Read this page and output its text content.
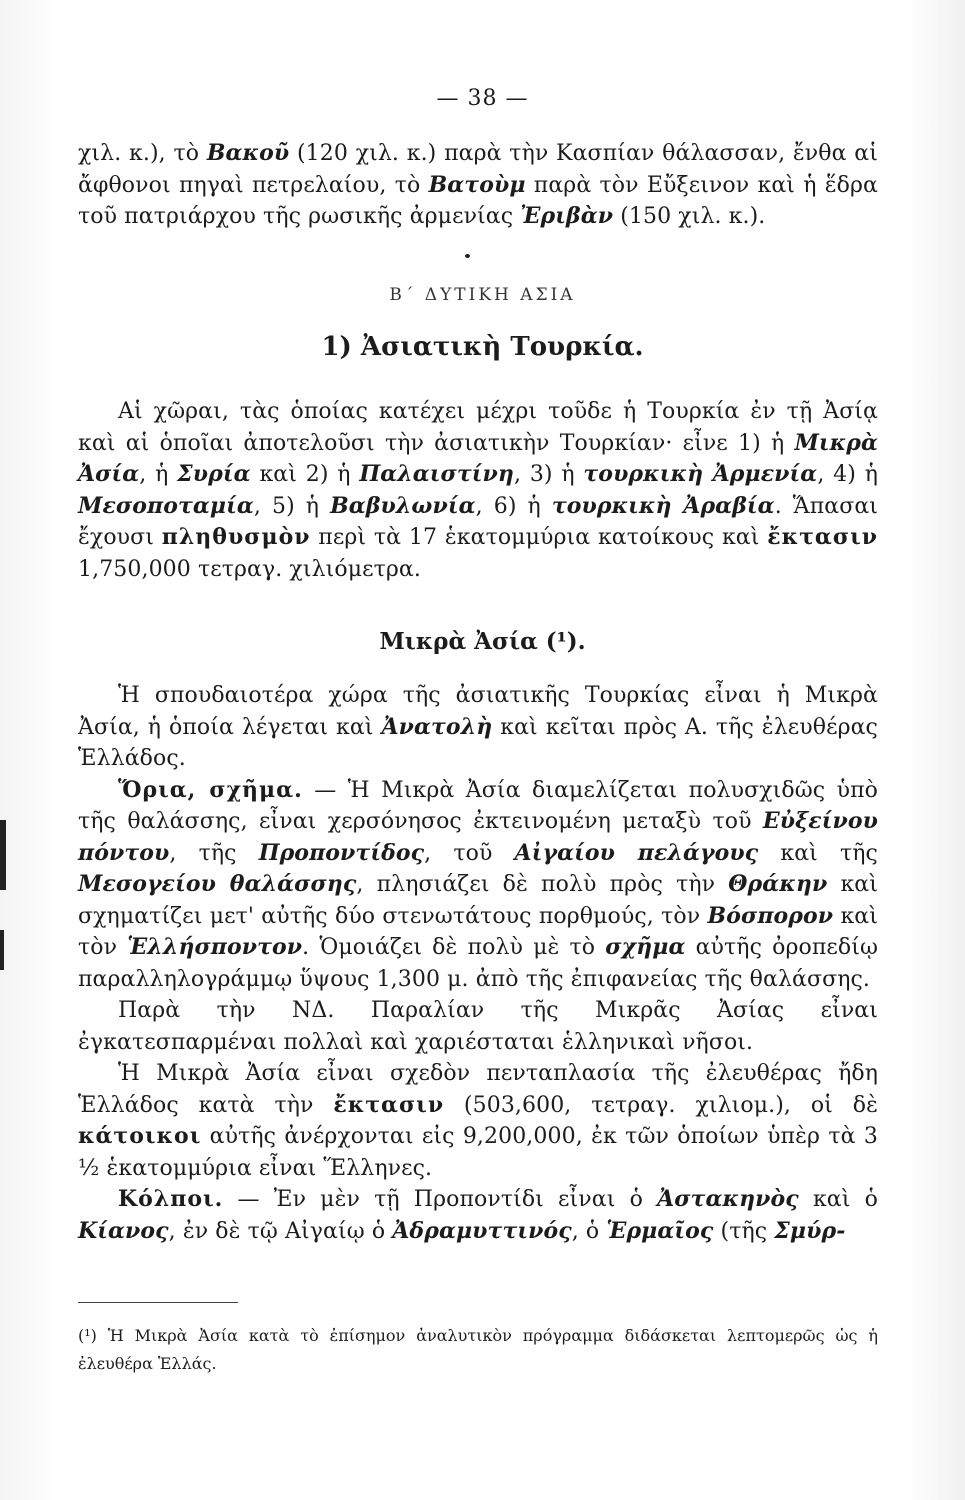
— 38 —

χιλ. κ.), τὸ Βακοῦ (120 χιλ. κ.) παρὰ τὴν Κασπίαν θάλασσαν, ἔνθα αἱ ἄφθονοι πηγαὶ πετρελαίου, τὸ Βατοὺμ παρὰ τὸν Εὔξεινον καὶ ἡ ἕδρα τοῦ πατριάρχου τῆς ρωσικῆς ἀρμενίας Ἐριβὰν (150 χιλ. κ.).

Β΄ ΔΥΤΙΚΗ ΑΣΙΑ
1) Ἀσιατικὴ Τουρκία.

Αἱ χῶραι, τὰς ὁποίας κατέχει μέχρι τοῦδε ἡ Τουρκία ἐν τῇ Ἀσίᾳ καὶ αἱ ὁποῖαι ἀποτελοῦσι τὴν ἀσιατικὴν Τουρκίαν· εἶνε 1) ἡ Μικρὰ Ἀσία, ἡ Συρία καὶ 2) ἡ Παλαιστίνη, 3) ἡ τουρκικὴ Ἀρμενία, 4) ἡ Μεσοποταμία, 5) ἡ Βαβυλωνία, 6) ἡ τουρκικὴ Ἀραβία. Ἅπασαι ἔχουσι πληθυσμὸν περὶ τὰ 17 ἑκατομμύρια κατοίκους καὶ ἔκτασιν 1,750,000 τετραγ. χιλιόμετρα.

Μικρὰ Ἀσία (¹).

Ἡ σπουδαιοτέρα χώρα τῆς ἀσιατικῆς Τουρκίας εἶναι ἡ Μικρὰ Ἀσία, ἡ ὁποία λέγεται καὶ Ἀνατολὴ καὶ κεῖται πρὸς Α. τῆς ἐλευθέρας Ἑλλάδος.

Ὅρια, σχῆμα. — Ἡ Μικρὰ Ἀσία διαμελίζεται πολυσχιδῶς ὑπὸ τῆς θαλάσσης, εἶναι χερσόνησος ἐκτεινομένη μεταξὺ τοῦ Εὐξείνου πόντου, τῆς Προποντίδος, τοῦ Αἰγαίου πελάγους καὶ τῆς Μεσογείου θαλάσσης, πλησιάζει δὲ πολὺ πρὸς τὴν Θράκην καὶ σχηματίζει μετ' αὐτῆς δύο στενωτάτους πορθμούς, τὸν Βόσπορον καὶ τὸν Ἑλλήσποντον. Ὁμοιάζει δὲ πολὺ μὲ τὸ σχῆμα αὐτῆς ὀροπεδίῳ παραλληλογράμμῳ ὕψους 1,300 μ. ἀπὸ τῆς ἐπιφανείας τῆς θαλάσσης.

Παρὰ τὴν ΝΔ. Παραλίαν τῆς Μικρᾶς Ἀσίας εἶναι ἐγκατεσπαρμέναι πολλαὶ καὶ χαριέσταται ἑλληνικαὶ νῆσοι.

Ἡ Μικρὰ Ἀσία εἶναι σχεδὸν πενταπλασία τῆς ἐλευθέρας ἤδη Ἑλλάδος κατὰ τὴν ἔκτασιν (503,600, τετραγ. χιλιομ.), οἱ δὲ κάτοικοι αὐτῆς ἀνέρχονται εἰς 9,200,000, ἐκ τῶν ὁποίων ὑπὲρ τὰ 3 ½ ἑκατομμύρια εἶναι Ἕλληνες.

Κόλποι. — Ἐν μὲν τῇ Προποντίδι εἶναι ὁ Ἀστακηνὸς καὶ ὁ Κίανος, ἐν δὲ τῷ Αἰγαίῳ ὁ Ἀδραμυττινός, ὁ Ἑρμαῖος (τῆς Σμύρ-

(¹) Ἡ Μικρὰ Ἀσία κατὰ τὸ ἐπίσημον ἀναλυτικὸν πρόγραμμα διδάσκεται λεπτομερῶς ὡς ἡ ἐλευθέρα Ἑλλάς.
